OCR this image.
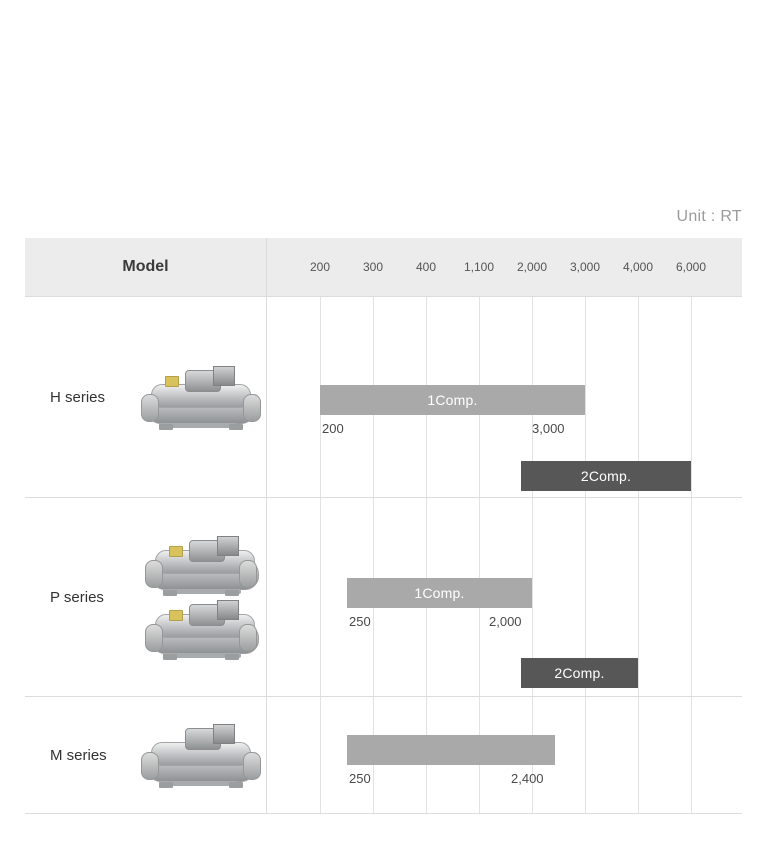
Unit : RT
Model	200	300	400 1,100 2,000 3,000 4,000 6,000
H series	1Comp.
200	3,000
2Comp.
P series	1Comp.
250	2,000
2Comp.
M series
250	2,400
